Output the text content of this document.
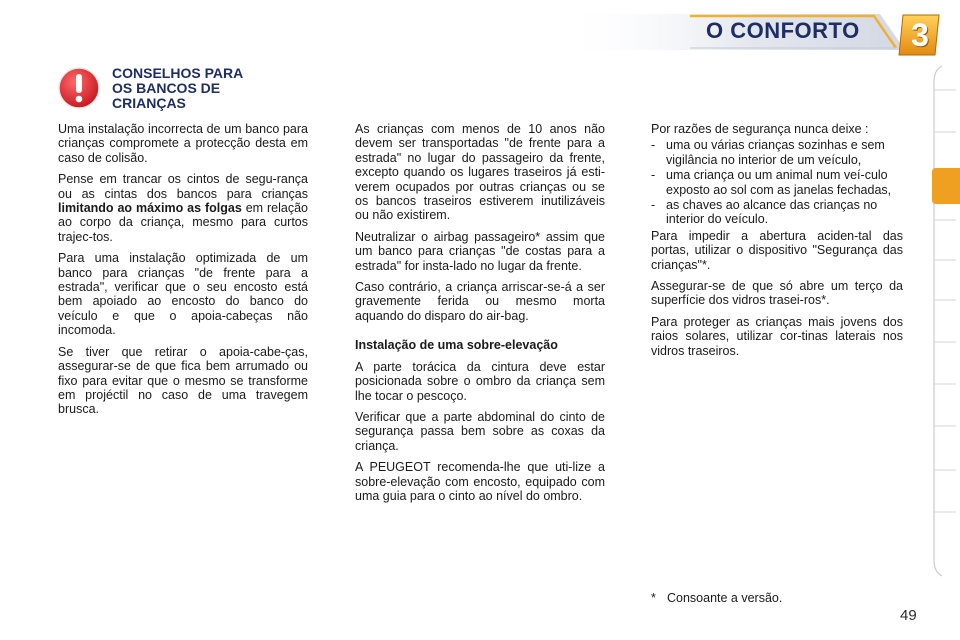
O CONFORTO	3
CONSELHOS PARA
OS BANCOS DE
CRIANÇAS

Uma instalação incorrecta de um banco para crianças compromete a protecção desta em caso de colisão.

Pense em trancar os cintos de segu-rança ou as cintas dos bancos para crianças limitando ao máximo as folgas em relação ao corpo da criança, mesmo para curtos trajec-tos.

Para uma instalação optimizada de um banco para crianças "de frente para a estrada", verificar que o seu encosto está bem apoiado ao encosto do banco do veículo e que o apoia-cabeças não incomoda.

Se tiver que retirar o apoia-cabe-ças, assegurar-se de que fica bem arrumado ou fixo para evitar que o mesmo se transforme em projéctil no caso de uma travegem brusca.

As crianças com menos de 10 anos não devem ser transportadas "de frente para a estrada" no lugar do passageiro da frente, excepto quando os lugares traseiros já esti-verem ocupados por outras crianças ou se os bancos traseiros estiverem inutilizáveis ou não existirem.

Neutralizar o airbag passageiro* assim que um banco para crianças "de costas para a estrada" for insta-lado no lugar da frente.

Caso contrário, a criança arriscar-se-á a ser gravemente ferida ou mesmo morta aquando do disparo do air-bag.

Instalação de uma sobre-elevação

A parte torácica da cintura deve estar posicionada sobre o ombro da criança sem lhe tocar o pescoço.

Verificar que a parte abdominal do cinto de segurança passa bem sobre as coxas da criança.

A PEUGEOT recomenda-lhe que uti-lize a sobre-elevação com encosto, equipado com uma guia para o cinto ao nível do ombro.

Por razões de segurança nunca deixe :

- uma ou várias crianças sozinhas e sem vigilância no interior de um veículo,
- uma criança ou um animal num veí-culo exposto ao sol com as janelas fechadas,
- as chaves ao alcance das crianças no interior do veículo.

Para impedir a abertura aciden-tal das portas, utilizar o dispositivo "Segurança das crianças"*.

Assegurar-se de que só abre um terço da superfície dos vidros trasei-ros*.

Para proteger as crianças mais jovens dos raios solares, utilizar cor-tinas laterais nos vidros traseiros.

* Consoante a versão.
49
